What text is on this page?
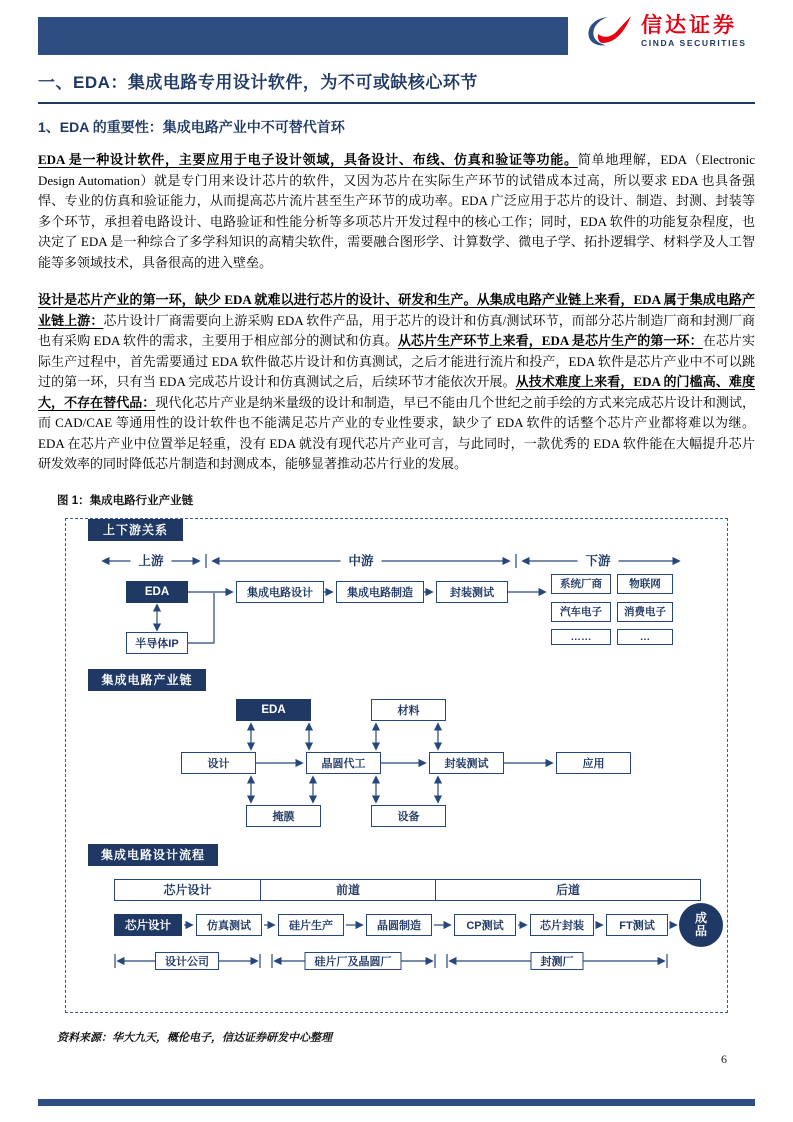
信达证券
CINDA SECURITIES
一、EDA：集成电路专用设计软件，为不可或缺核心环节
1、EDA 的重要性：集成电路产业中不可替代首环

EDA 是一种设计软件，主要应用于电子设计领域，具备设计、布线、仿真和验证等功能。简单地理解，EDA（Electronic Design Automation）就是专门用来设计芯片的软件，又因为芯片在实际生产环节的试错成本过高，所以要求 EDA 也具备强悍、专业的仿真和验证能力，从而提高芯片流片甚至生产环节的成功率。EDA 广泛应用于芯片的设计、制造、封测、封装等多个环节，承担着电路设计、电路验证和性能分析等多项芯片开发过程中的核心工作；同时，EDA 软件的功能复杂程度，也决定了 EDA 是一种综合了多学科知识的高精尖软件，需要融合图形学、计算数学、微电子学、拓扑逻辑学、材料学及人工智能等多领域技术，具备很高的进入壁垒。

设计是芯片产业的第一环，缺少 EDA 就难以进行芯片的设计、研发和生产。从集成电路产业链上来看，EDA 属于集成电路产业链上游：芯片设计厂商需要向上游采购 EDA 软件产品，用于芯片的设计和仿真/测试环节，而部分芯片制造厂商和封测厂商也有采购 EDA 软件的需求，主要用于相应部分的测试和仿真。从芯片生产环节上来看，EDA 是芯片生产的第一环：在芯片实际生产过程中，首先需要通过 EDA 软件做芯片设计和仿真测试，之后才能进行流片和投产，EDA 软件是芯片产业中不可以跳过的第一环，只有当 EDA 完成芯片设计和仿真测试之后，后续环节才能依次开展。从技术难度上来看，EDA 的门槛高、难度大，不存在替代品：现代化芯片产业是纳米量级的设计和制造，早已不能由几个世纪之前手绘的方式来完成芯片设计和测试，而 CAD/CAE 等通用性的设计软件也不能满足芯片产业的专业性要求，缺少了 EDA 软件的话整个芯片产业都将难以为继。EDA 在芯片产业中位置举足轻重，没有 EDA 就没有现代芯片产业可言，与此同时，一款优秀的 EDA 软件能在大幅提升芯片研发效率的同时降低芯片制造和封测成本，能够显著推动芯片行业的发展。

图 1：集成电路行业产业链
上下游关系
集成电路产业链
集成电路设计流程
上游	中游	下游
EDA
半导体IP
集成电路设计	集成电路制造	封装测试
系统厂商	物联网
汽车电子	消费电子
……	…
EDA	材料
设计	晶圆代工	封装测试	应用
掩膜	设备
芯片设计	前道	后道
芯片设计	仿真测试	硅片生产	晶圆制造	CP测试	芯片封装	FT测试
成品
设计公司	硅片厂及晶圆厂	封测厂
资料来源：华大九天，概伦电子，信达证券研发中心整理
6
